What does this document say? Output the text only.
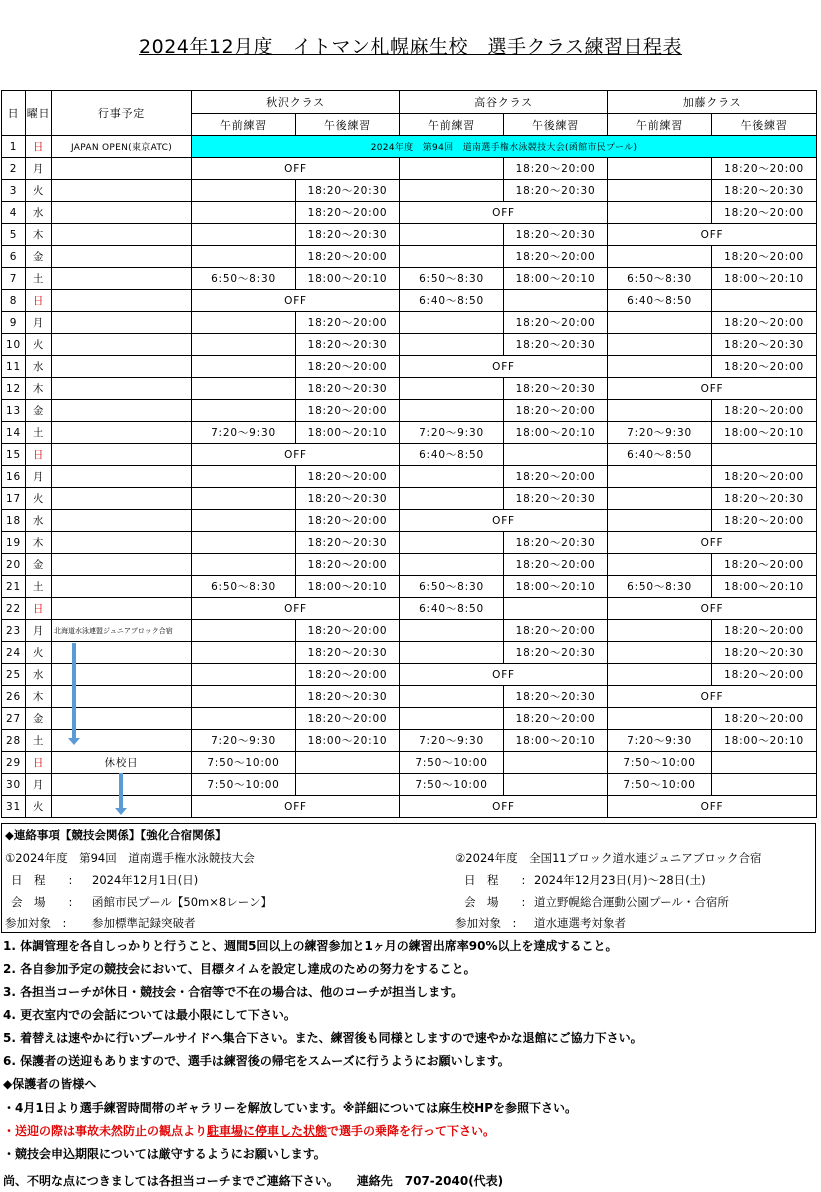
2024年12月度　イトマン札幌麻生校　選手クラス練習日程表
日	曜日	行事予定	秋沢クラス		高谷クラス		加藤クラス	
			午前練習	午後練習	午前練習	午後練習	午前練習	午後練習
1	日	JAPAN OPEN(東京ATC)	2024年度　第94回　道南選手権水泳競技大会(函館市民プール)					
2	月		OFF			18:20～20:00		18:20～20:00
3	火			18:20～20:30		18:20～20:30		18:20～20:30
4	水			18:20～20:00	OFF			18:20～20:00
5	木			18:20～20:30		18:20～20:30	OFF	
6	金			18:20～20:00		18:20～20:00		18:20～20:00
7	土		6:50～8:30	18:00～20:10	6:50～8:30	18:00～20:10	6:50～8:30	18:00～20:10
8	日		OFF		6:40～8:50		6:40～8:50	
9	月			18:20～20:00		18:20～20:00		18:20～20:00
10	火			18:20～20:30		18:20～20:30		18:20～20:30
11	水			18:20～20:00	OFF			18:20～20:00
12	木			18:20～20:30		18:20～20:30	OFF	
13	金			18:20～20:00		18:20～20:00		18:20～20:00
14	土		7:20～9:30	18:00～20:10	7:20～9:30	18:00～20:10	7:20～9:30	18:00～20:10
15	日		OFF		6:40～8:50		6:40～8:50	
16	月			18:20～20:00		18:20～20:00		18:20～20:00
17	火			18:20～20:30		18:20～20:30		18:20～20:30
18	水			18:20～20:00	OFF			18:20～20:00
19	木			18:20～20:30		18:20～20:30	OFF	
20	金			18:20～20:00		18:20～20:00		18:20～20:00
21	土		6:50～8:30	18:00～20:10	6:50～8:30	18:00～20:10	6:50～8:30	18:00～20:10
22	日		OFF		6:40～8:50		OFF	
23	月	北海道水泳連盟ジュニアブロック合宿		18:20～20:00		18:20～20:00		18:20～20:00
24	火			18:20～20:30		18:20～20:30		18:20～20:30
25	水			18:20～20:00	OFF			18:20～20:00
26	木			18:20～20:30		18:20～20:30	OFF	
27	金			18:20～20:00		18:20～20:00		18:20～20:00
28	土		7:20～9:30	18:00～20:10	7:20～9:30	18:00～20:10	7:20～9:30	18:00～20:10
29	日	休校日	7:50～10:00		7:50～10:00		7:50～10:00	
30	月		7:50～10:00		7:50～10:00		7:50～10:00	
31	火		OFF		OFF		OFF	
◆連絡事項【競技会関係】【強化合宿関係】
①2024年度　第94回　道南選手権水泳競技大会	②2024年度　全国11ブロック道水連ジュニアブロック合宿
日　程　　: 2024年12月1日(日)	日　程　　: 2024年12月23日(月)～28日(土)
会　場　　: 函館市民プール【50m×8レーン】	会　場　　: 道立野幌総合運動公園プール・合宿所
参加対象　: 参加標準記録突破者	参加対象　: 道水連選考対象者
1. 体調管理を各自しっかりと行うこと、週間5回以上の練習参加と1ヶ月の練習出席率90%以上を達成すること。
2. 各自参加予定の競技会において、目標タイムを設定し達成のための努力をすること。
3. 各担当コーチが休日・競技会・合宿等で不在の場合は、他のコーチが担当します。
4. 更衣室内での会話については最小限にして下さい。
5. 着替えは速やかに行いプールサイドへ集合下さい。また、練習後も同様としますので速やかな退館にご協力下さい。
6. 保護者の送迎もありますので、選手は練習後の帰宅をスムーズに行うようにお願いします。
◆保護者の皆様へ
・4月1日より選手練習時間帯のギャラリーを解放しています。※詳細については麻生校HPを参照下さい。
・送迎の際は事故未然防止の観点より駐車場に停車した状態で選手の乗降を行って下さい。
・競技会申込期限については厳守するようにお願いします。
尚、不明な点につきましては各担当コーチまでご連絡下さい。　　連絡先　707-2040(代表)
